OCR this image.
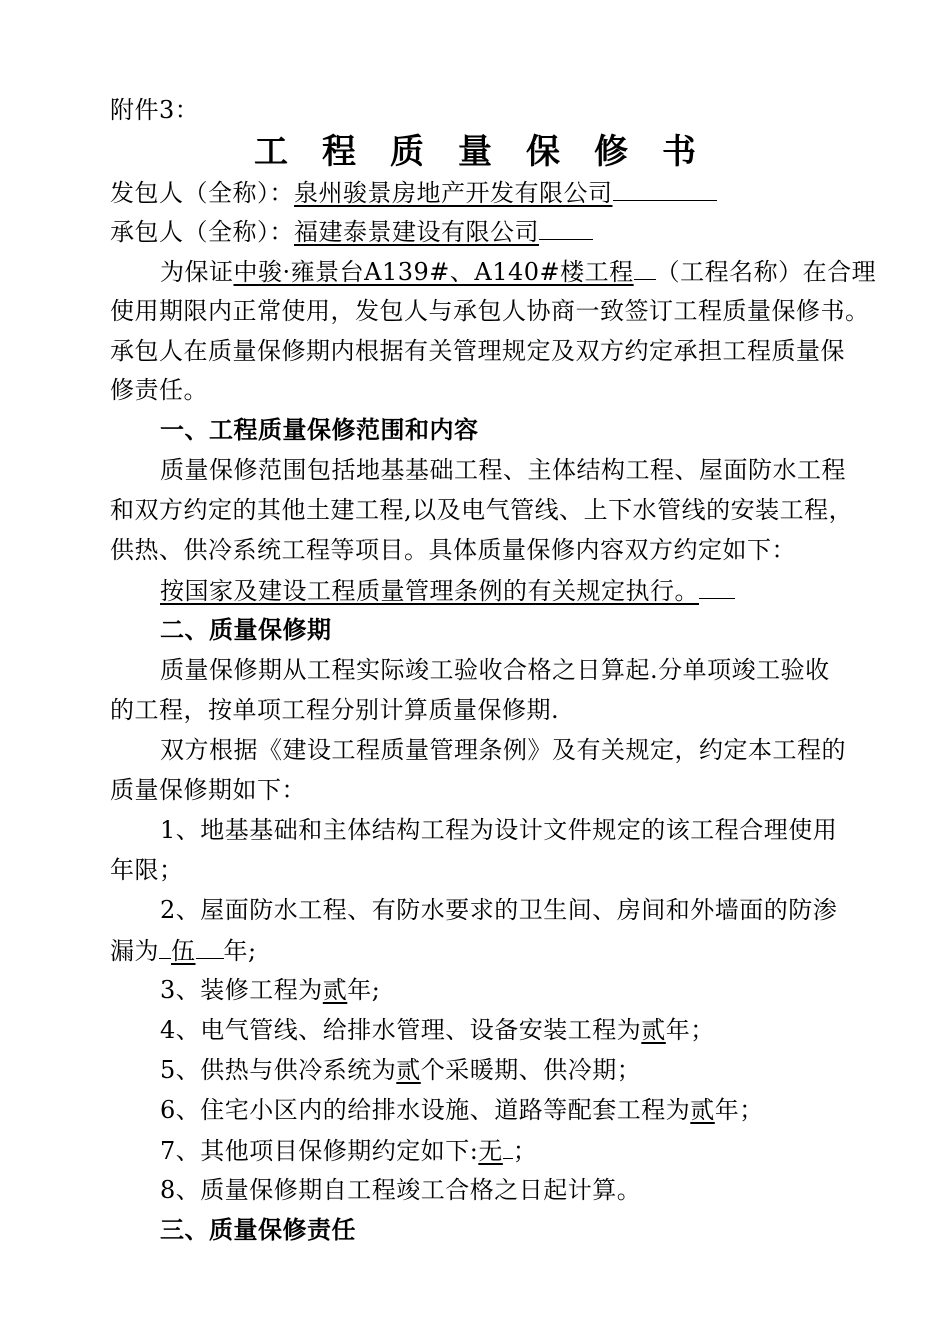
附件3：
工程质量保修书
发包人（全称）：泉州骏景房地产开发有限公司
承包人（全称）：福建泰景建设有限公司
为保证中骏·雍景台A139#、A140#楼工程 （工程名称）在合理
使用期限内正常使用，发包人与承包人协商一致签订工程质量保修书。
承包人在质量保修期内根据有关管理规定及双方约定承担工程质量保
修责任。
一、工程质量保修范围和内容
质量保修范围包括地基基础工程、主体结构工程、屋面防水工程
和双方约定的其他土建工程,以及电气管线、上下水管线的安装工程，
供热、供冷系统工程等项目。具体质量保修内容双方约定如下：
按国家及建设工程质量管理条例的有关规定执行。
二、质量保修期
质量保修期从工程实际竣工验收合格之日算起.分单项竣工验收
的工程，按单项工程分别计算质量保修期.
双方根据《建设工程质量管理条例》及有关规定，约定本工程的
质量保修期如下：
1、地基基础和主体结构工程为设计文件规定的该工程合理使用
年限；
2、屋面防水工程、有防水要求的卫生间、房间和外墙面的防渗
漏为 伍 年;
3、装修工程为贰年;
4、电气管线、给排水管理、设备安装工程为贰年；
5、供热与供冷系统为贰个采暖期、供冷期；
6、住宅小区内的给排水设施、道路等配套工程为贰年；
7、其他项目保修期约定如下:无 ；
8、质量保修期自工程竣工合格之日起计算。
三、质量保修责任
